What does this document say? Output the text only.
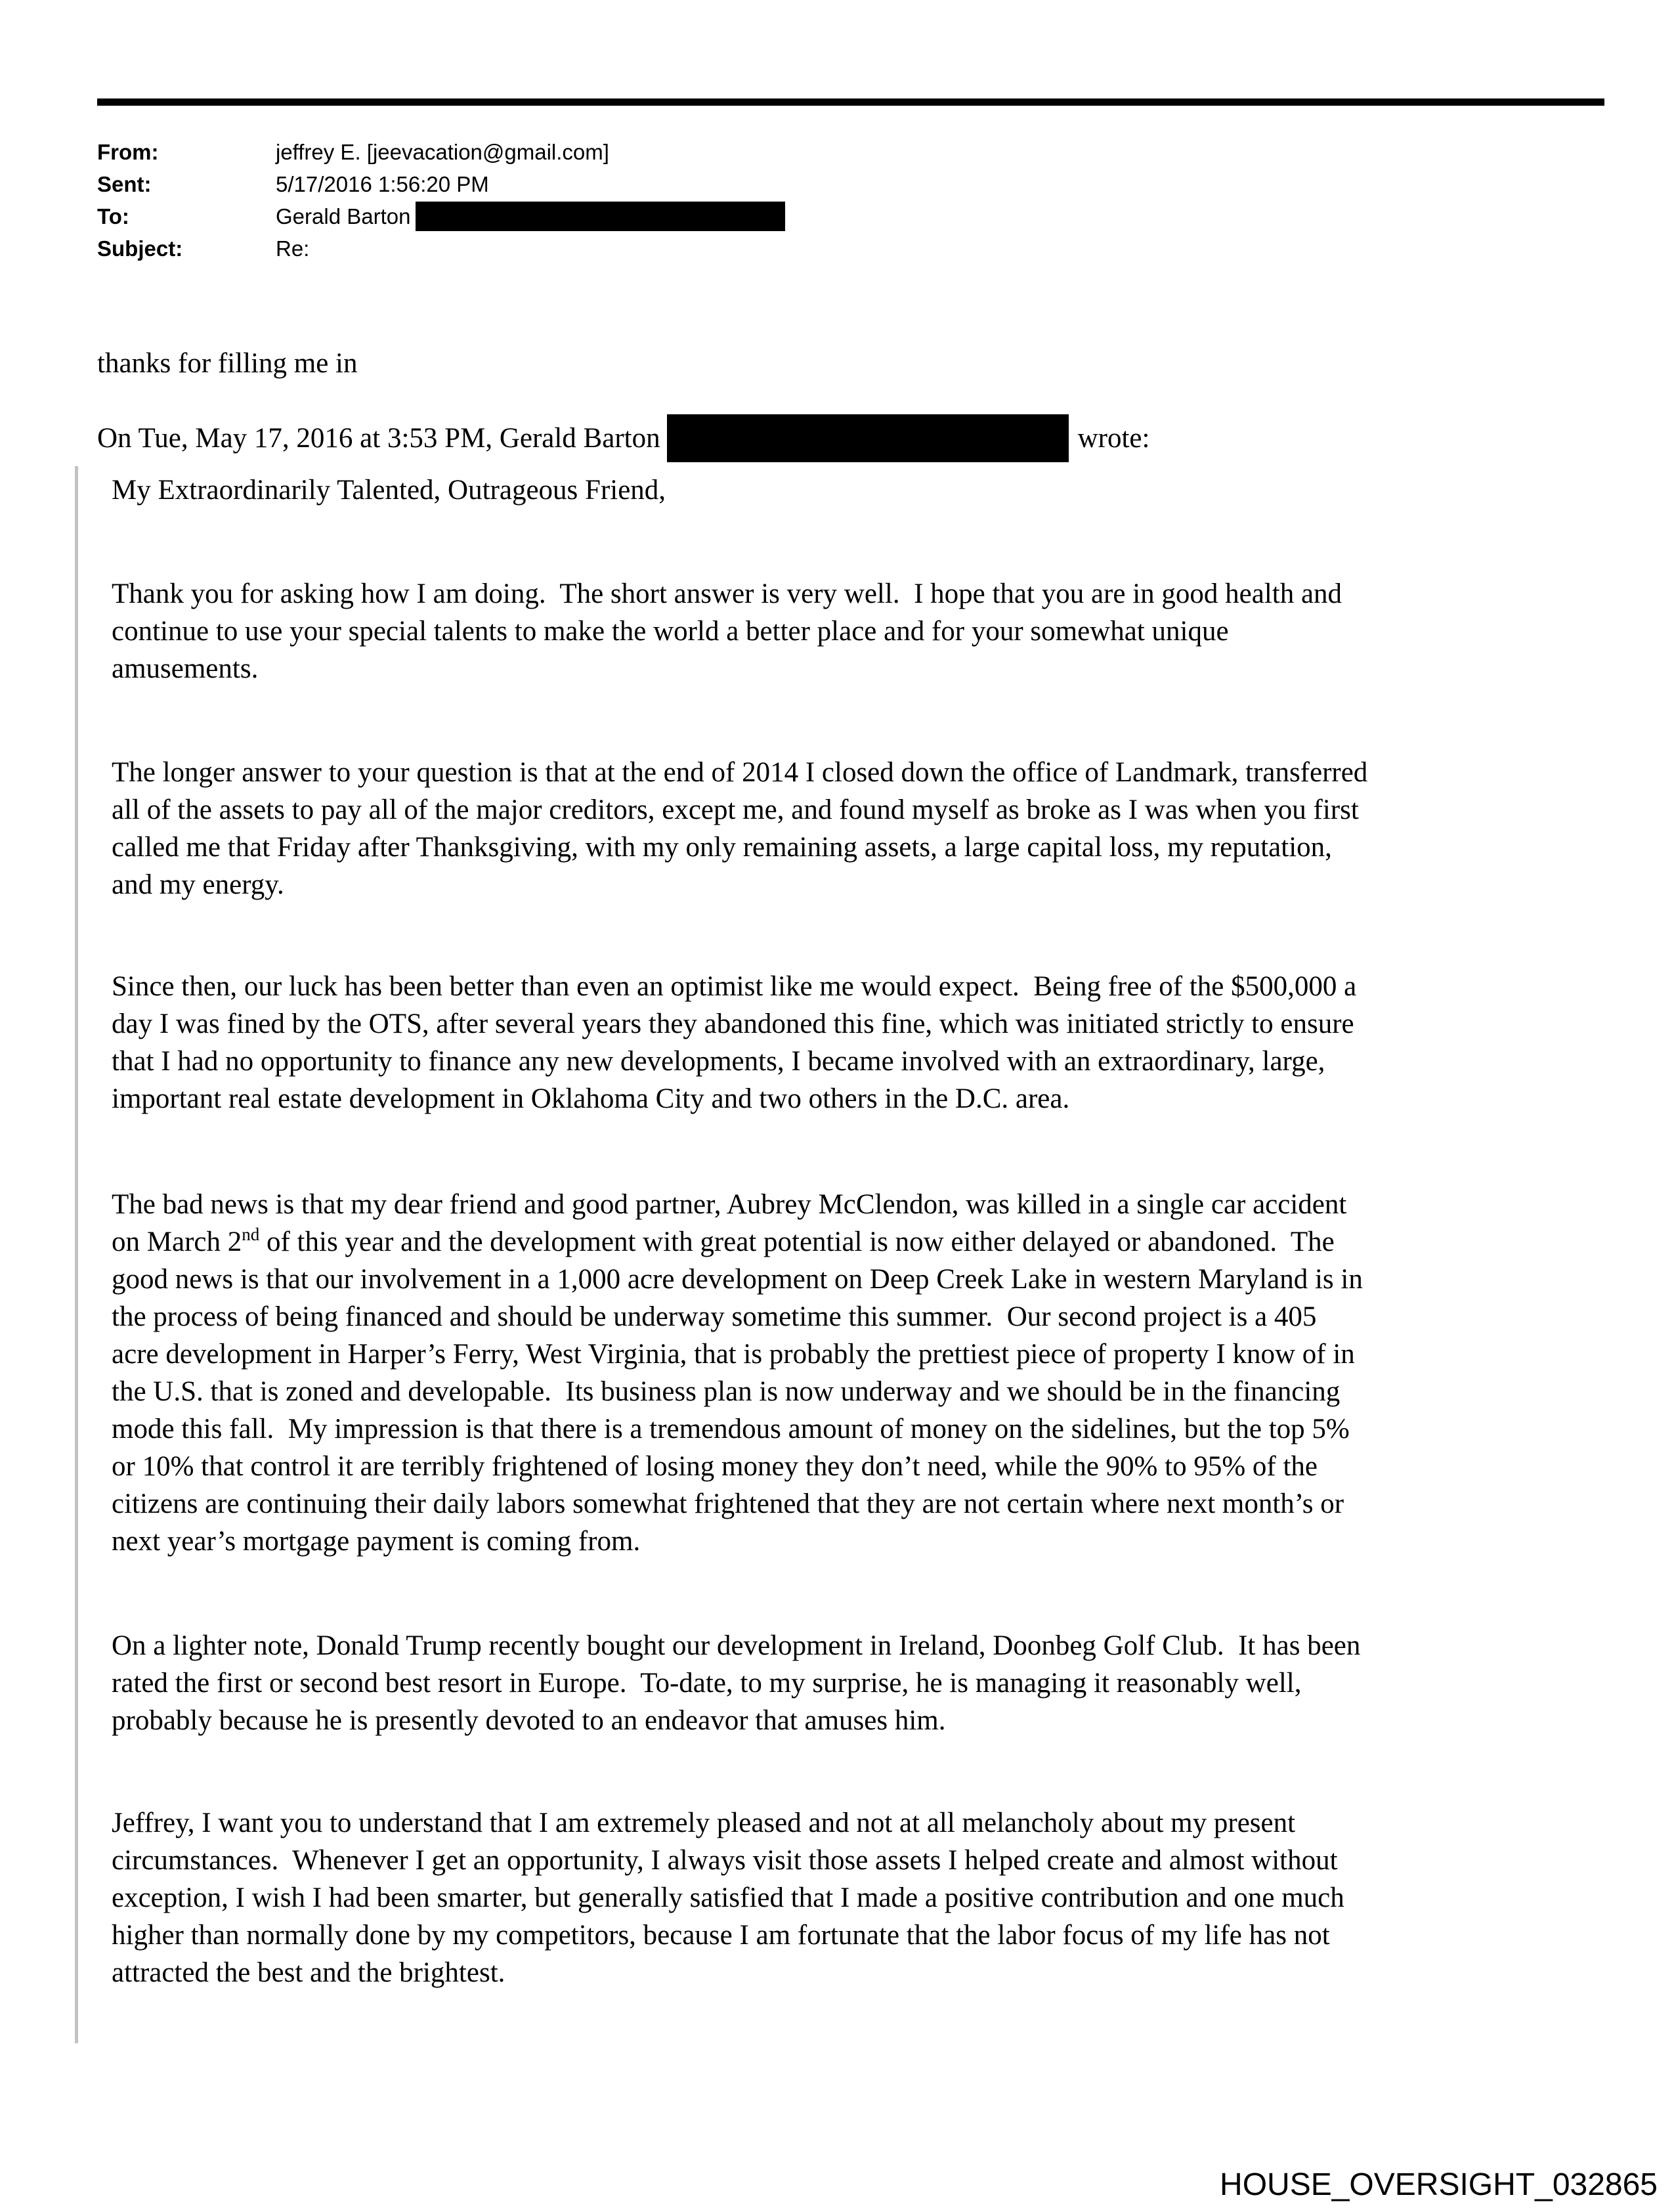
From:	jeffrey E. [jeevacation@gmail.com]
Sent:	5/17/2016 1:56:20 PM
To:	Gerald Barton
Subject:	Re:
thanks for filling me in
On Tue, May 17, 2016 at 3:53 PM, Gerald Barton	wrote:
My Extraordinarily Talented, Outrageous Friend,
Thank you for asking how I am doing.  The short answer is very well.  I hope that you are in good health and
continue to use your special talents to make the world a better place and for your somewhat unique
amusements.
The longer answer to your question is that at the end of 2014 I closed down the office of Landmark, transferred
all of the assets to pay all of the major creditors, except me, and found myself as broke as I was when you first
called me that Friday after Thanksgiving, with my only remaining assets, a large capital loss, my reputation,
and my energy.
Since then, our luck has been better than even an optimist like me would expect.  Being free of the $500,000 a
day I was fined by the OTS, after several years they abandoned this fine, which was initiated strictly to ensure
that I had no opportunity to finance any new developments, I became involved with an extraordinary, large,
important real estate development in Oklahoma City and two others in the D.C. area.
The bad news is that my dear friend and good partner, Aubrey McClendon, was killed in a single car accident
on March 2nd of this year and the development with great potential is now either delayed or abandoned.  The
good news is that our involvement in a 1,000 acre development on Deep Creek Lake in western Maryland is in
the process of being financed and should be underway sometime this summer.  Our second project is a 405
acre development in Harper’s Ferry, West Virginia, that is probably the prettiest piece of property I know of in
the U.S. that is zoned and developable.  Its business plan is now underway and we should be in the financing
mode this fall.  My impression is that there is a tremendous amount of money on the sidelines, but the top 5%
or 10% that control it are terribly frightened of losing money they don’t need, while the 90% to 95% of the
citizens are continuing their daily labors somewhat frightened that they are not certain where next month’s or
next year’s mortgage payment is coming from.
On a lighter note, Donald Trump recently bought our development in Ireland, Doonbeg Golf Club.  It has been
rated the first or second best resort in Europe.  To-date, to my surprise, he is managing it reasonably well,
probably because he is presently devoted to an endeavor that amuses him.
Jeffrey, I want you to understand that I am extremely pleased and not at all melancholy about my present
circumstances.  Whenever I get an opportunity, I always visit those assets I helped create and almost without
exception, I wish I had been smarter, but generally satisfied that I made a positive contribution and one much
higher than normally done by my competitors, because I am fortunate that the labor focus of my life has not
attracted the best and the brightest.
HOUSE_OVERSIGHT_032865
